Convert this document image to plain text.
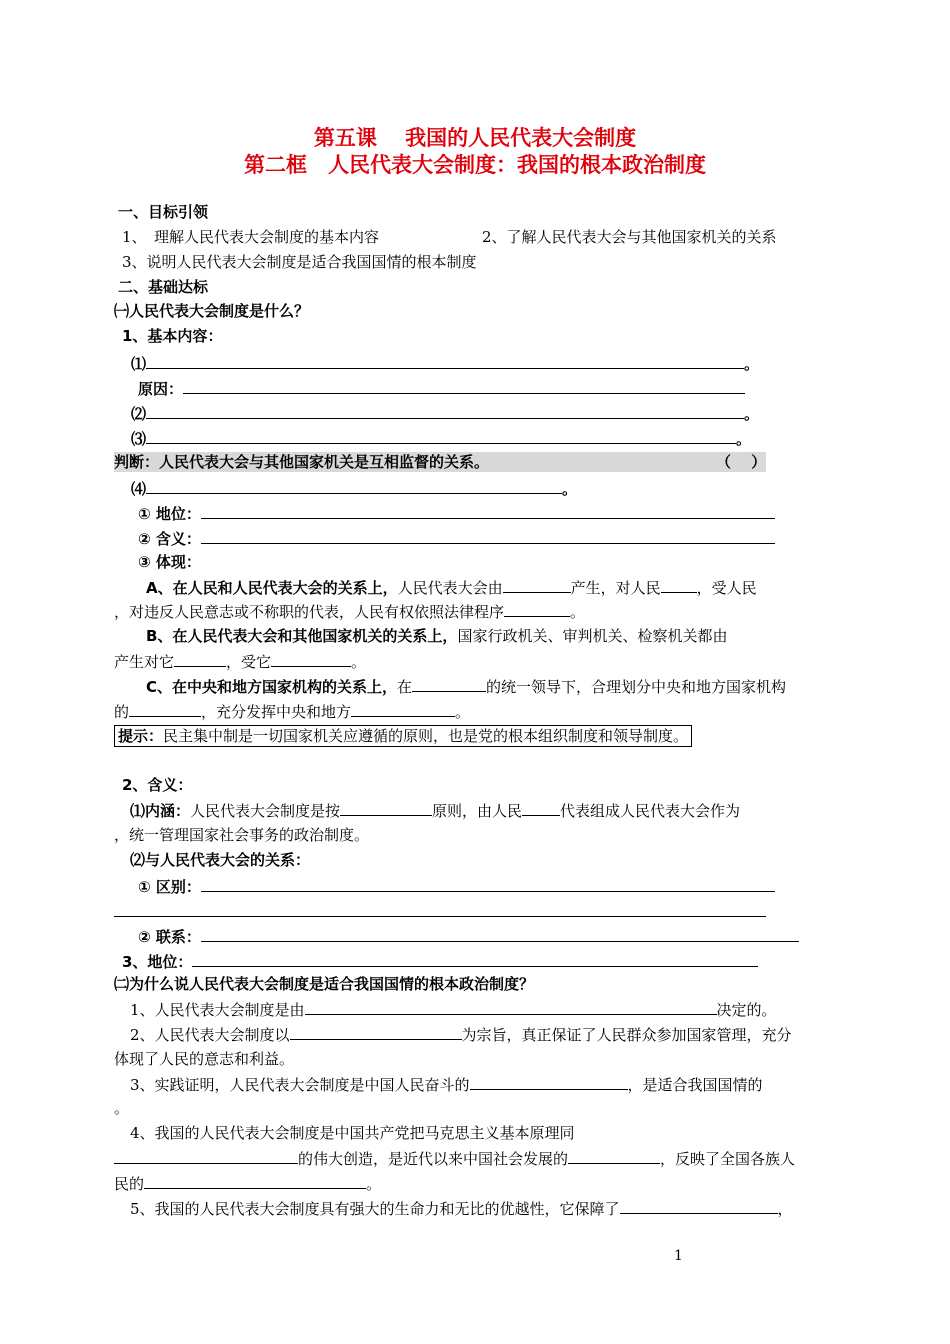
第五课　 我国的人民代表大会制度
第二框　人民代表大会制度：我国的根本政治制度
一、目标引领
1、　理解人民代表大会制度的基本内容	2、了解人民代表大会与其他国家机关的关系
3、说明人民代表大会制度是适合我国国情的根本制度
二、基础达标
㈠人民代表大会制度是什么？
1、基本内容：
⑴	。
原因：
⑵	。
⑶	。
判断：人民代表大会与其他国家机关是互相监督的关系。	（　 ）
⑷	。
① 地位：
② 含义：
③ 体现：
A、在人民和人民代表大会的关系上，人民代表大会由	产生，对人民 ，受人民
，对违反人民意志或不称职的代表，人民有权依照法律程序	。
B、在人民代表大会和其他国家机关的关系上，国家行政机关、审判机关、检察机关都由
产生对它	，受它	。
C、在中央和地方国家机构的关系上，在	的统一领导下，合理划分中央和地方国家机构
的	，充分发挥中央和地方	。
提示：民主集中制是一切国家机关应遵循的原则，也是党的根本组织制度和领导制度。
2、含义：
⑴内涵：人民代表大会制度是按	原则，由人民	代表组成人民代表大会作为
，统一管理国家社会事务的政治制度。
⑵与人民代表大会的关系：
① 区别：
② 联系：
3、地位：
㈡为什么说人民代表大会制度是适合我国国情的根本政治制度？
1、人民代表大会制度是由	决定的。
2、人民代表大会制度以	为宗旨，真正保证了人民群众参加国家管理，充分
体现了人民的意志和利益。
3、实践证明，人民代表大会制度是中国人民奋斗的	，是适合我国国情的
。
4、我国的人民代表大会制度是中国共产党把马克思主义基本原理同
的伟大创造，是近代以来中国社会发展的	，反映了全国各族人
民的	。
5、我国的人民代表大会制度具有强大的生命力和无比的优越性，它保障了	，
1
